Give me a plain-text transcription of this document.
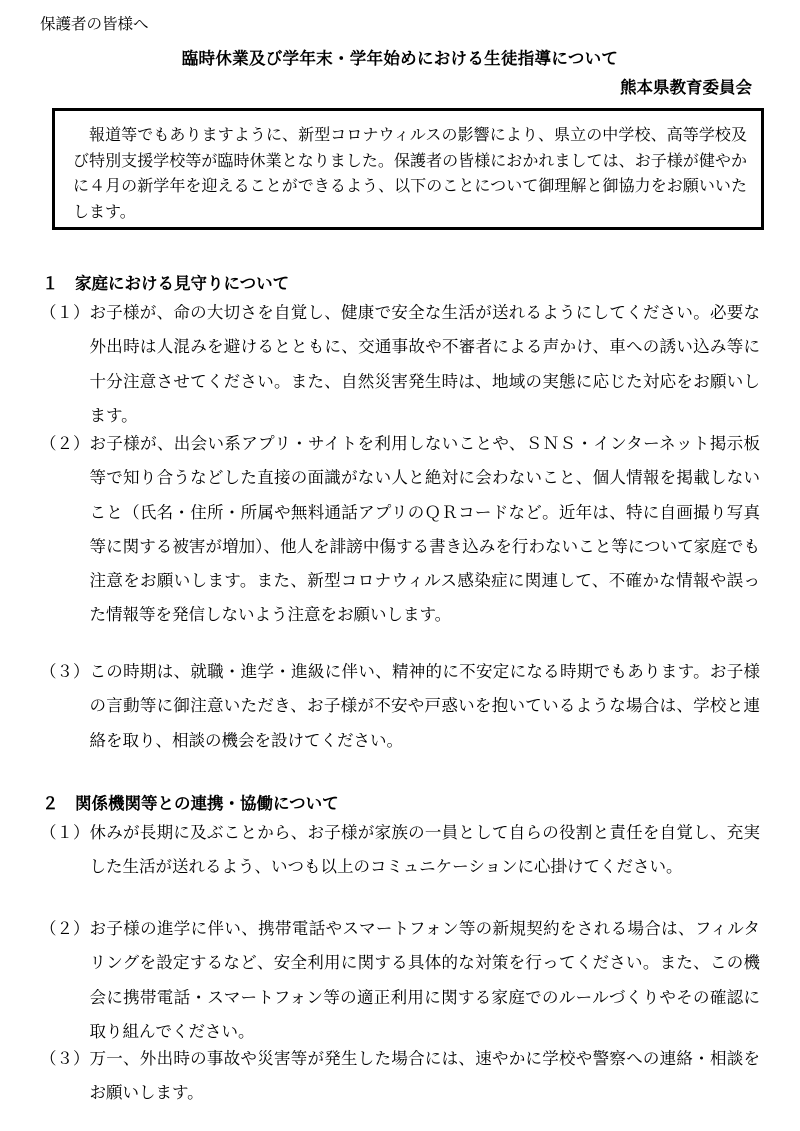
保護者の皆様へ
臨時休業及び学年末・学年始めにおける生徒指導について
熊本県教育委員会
報道等でもありますように、新型コロナウィルスの影響により、県立の中学校、高等学校及び特別支援学校等が臨時休業となりました。保護者の皆様におかれましては、お子様が健やかに４月の新学年を迎えることができるよう、以下のことについて御理解と御協力をお願いいたします。
１　家庭における見守りについて
（１） お子様が、命の大切さを自覚し、健康で安全な生活が送れるようにしてください。必要な外出時は人混みを避けるとともに、交通事故や不審者による声かけ、車への誘い込み等に十分注意させてください。また、自然災害発生時は、地域の実態に応じた対応をお願いします。
（２） お子様が、出会い系アプリ・サイトを利用しないことや、ＳＮＳ・インターネット掲示板等で知り合うなどした直接の面識がない人と絶対に会わないこと、個人情報を掲載しないこと（氏名・住所・所属や無料通話アプリのＱＲコードなど。近年は、特に自画撮り写真等に関する被害が増加）、他人を誹謗中傷する書き込みを行わないこと等について家庭でも注意をお願いします。また、新型コロナウィルス感染症に関連して、不確かな情報や誤った情報等を発信しないよう注意をお願いします。
（３） この時期は、就職・進学・進級に伴い、精神的に不安定になる時期でもあります。お子様の言動等に御注意いただき、お子様が不安や戸惑いを抱いているような場合は、学校と連絡を取り、相談の機会を設けてください。
２　関係機関等との連携・協働について
（１） 休みが長期に及ぶことから、お子様が家族の一員として自らの役割と責任を自覚し、充実した生活が送れるよう、いつも以上のコミュニケーションに心掛けてください。
（２） お子様の進学に伴い、携帯電話やスマートフォン等の新規契約をされる場合は、フィルタリングを設定するなど、安全利用に関する具体的な対策を行ってください。また、この機会に携帯電話・スマートフォン等の適正利用に関する家庭でのルールづくりやその確認に取り組んでください。
（３） 万一、外出時の事故や災害等が発生した場合には、速やかに学校や警察への連絡・相談をお願いします。
